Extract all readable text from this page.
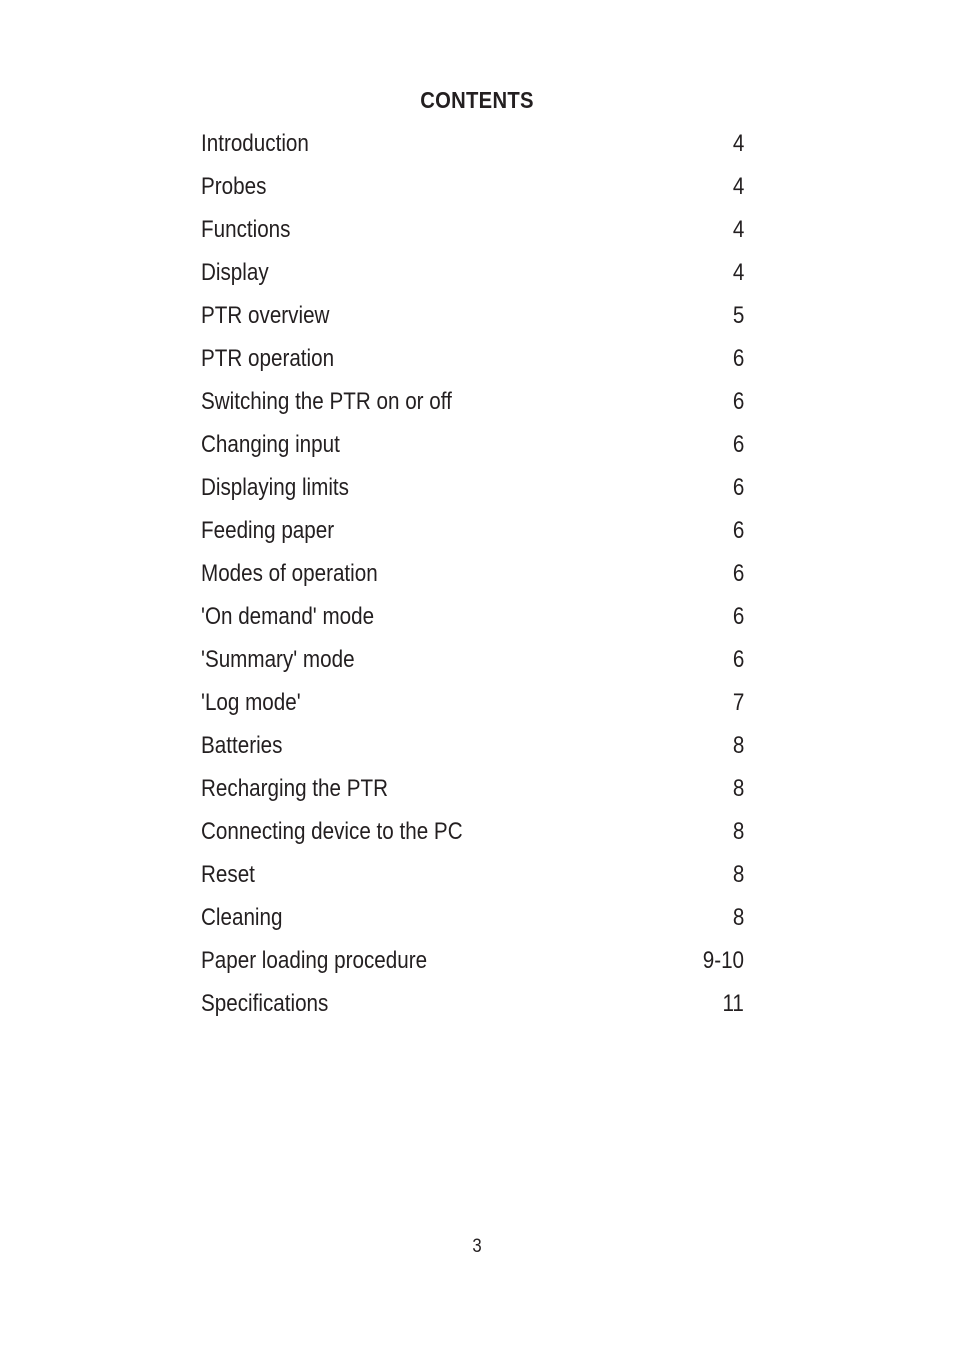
CONTENTS
Introduction	4
Probes	4
Functions	4
Display	4
PTR overview	5
PTR operation	6
Switching the PTR on or off	6
Changing input	6
Displaying limits	6
Feeding paper	6
Modes of operation	6
'On demand' mode	6
'Summary' mode	6
'Log mode'	7
Batteries	8
Recharging the PTR	8
Connecting device to the PC	8
Reset	8
Cleaning	8
Paper loading procedure	9-10
Specifications	11
3
